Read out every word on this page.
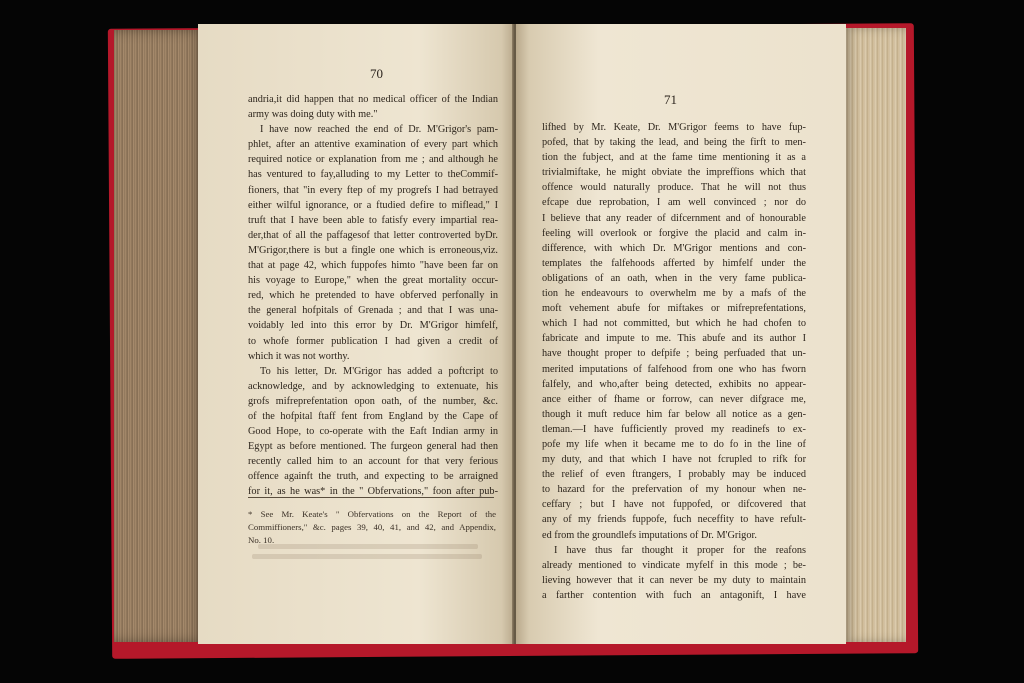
70
andria,it did happen that no medical officer of the Indian
army was doing duty with me."
I have now reached the end of Dr. M'Grigor's pam-
phlet, after an attentive examination of every part which
required notice or explanation from me ; and although he
has ventured to fay,alluding to my Letter to theCommif-
fioners, that "in every ftep of my progrefs I had betrayed
either wilful ignorance, or a ftudied defire to miflead," I
truft that I have been able to fatisfy every impartial rea-
der,that of all the paffagesof that letter controverted byDr.
M'Grigor,there is but a fingle one which is erroneous,viz.
that at page 42, which fuppofes himto "have been far on
his voyage to Europe," when the great mortality occur-
red, which he pretended to have obferved perfonally in
the general hofpitals of Grenada ; and that I was una-
voidably led into this error by Dr. M'Grigor himfelf,
to whofe former publication I had given a credit of
which it was not worthy.
To his letter, Dr. M'Grigor has added a poftcript to
acknowledge, and by acknowledging to extenuate, his
grofs mifreprefentation opon oath, of the number, &c.
of the hofpital ftaff fent from England by the Cape of
Good Hope, to co-operate with the Eaft Indian army in
Egypt as before mentioned. The furgeon general had then
recently called him to an account for that very ferious
offence againft the truth, and expecting to be arraigned
for it, as he was* in the " Obfervations," foon after pub-
* See Mr. Keate's " Obfervations on the Report of the
Commiffioners," &c. pages 39, 40, 41, and 42, and Appendix,
No. 10.
71
lifhed by Mr. Keate, Dr. M'Grigor feems to have fup-
pofed, that by taking the lead, and being the firft to men-
tion the fubject, and at the fame time mentioning it as a
trivialmiftake, he might obviate the impreffions which that
offence would naturally produce. That he will not thus
efcape due reprobation, I am well convinced ; nor do
I believe that any reader of difcernment and of honourable
feeling will overlook or forgive the placid and calm in-
difference, with which Dr. M'Grigor mentions and con-
templates the falfehoods afferted by himfelf under the
obligations of an oath, when in the very fame publica-
tion he endeavours to overwhelm me by a mafs of the
moft vehement abufe for miftakes or mifreprefentations,
which I had not committed, but which he had chofen to
fabricate and impute to me. This abufe and its author I
have thought proper to defpife ; being perfuaded that un-
merited imputations of falfehood from one who has fworn
falfely, and who,after being detected, exhibits no appear-
ance either of fhame or forrow, can never difgrace me,
though it muft reduce him far below all notice as a gen-
tleman.—I have fufficiently proved my readinefs to ex-
pofe my life when it became me to do fo in the line of
my duty, and that which I have not fcrupled to rifk for
the relief of even ftrangers, I probably may be induced
to hazard for the prefervation of my honour when ne-
ceffary ; but I have not fuppofed, or difcovered that
any of my friends fuppofe, fuch neceffity to have refult-
ed from the groundlefs imputations of Dr. M'Grigor.
I have thus far thought it proper for the reafons
already mentioned to vindicate myfelf in this mode ; be-
lieving however that it can never be my duty to maintain
a farther contention with fuch an antagonift, I have
